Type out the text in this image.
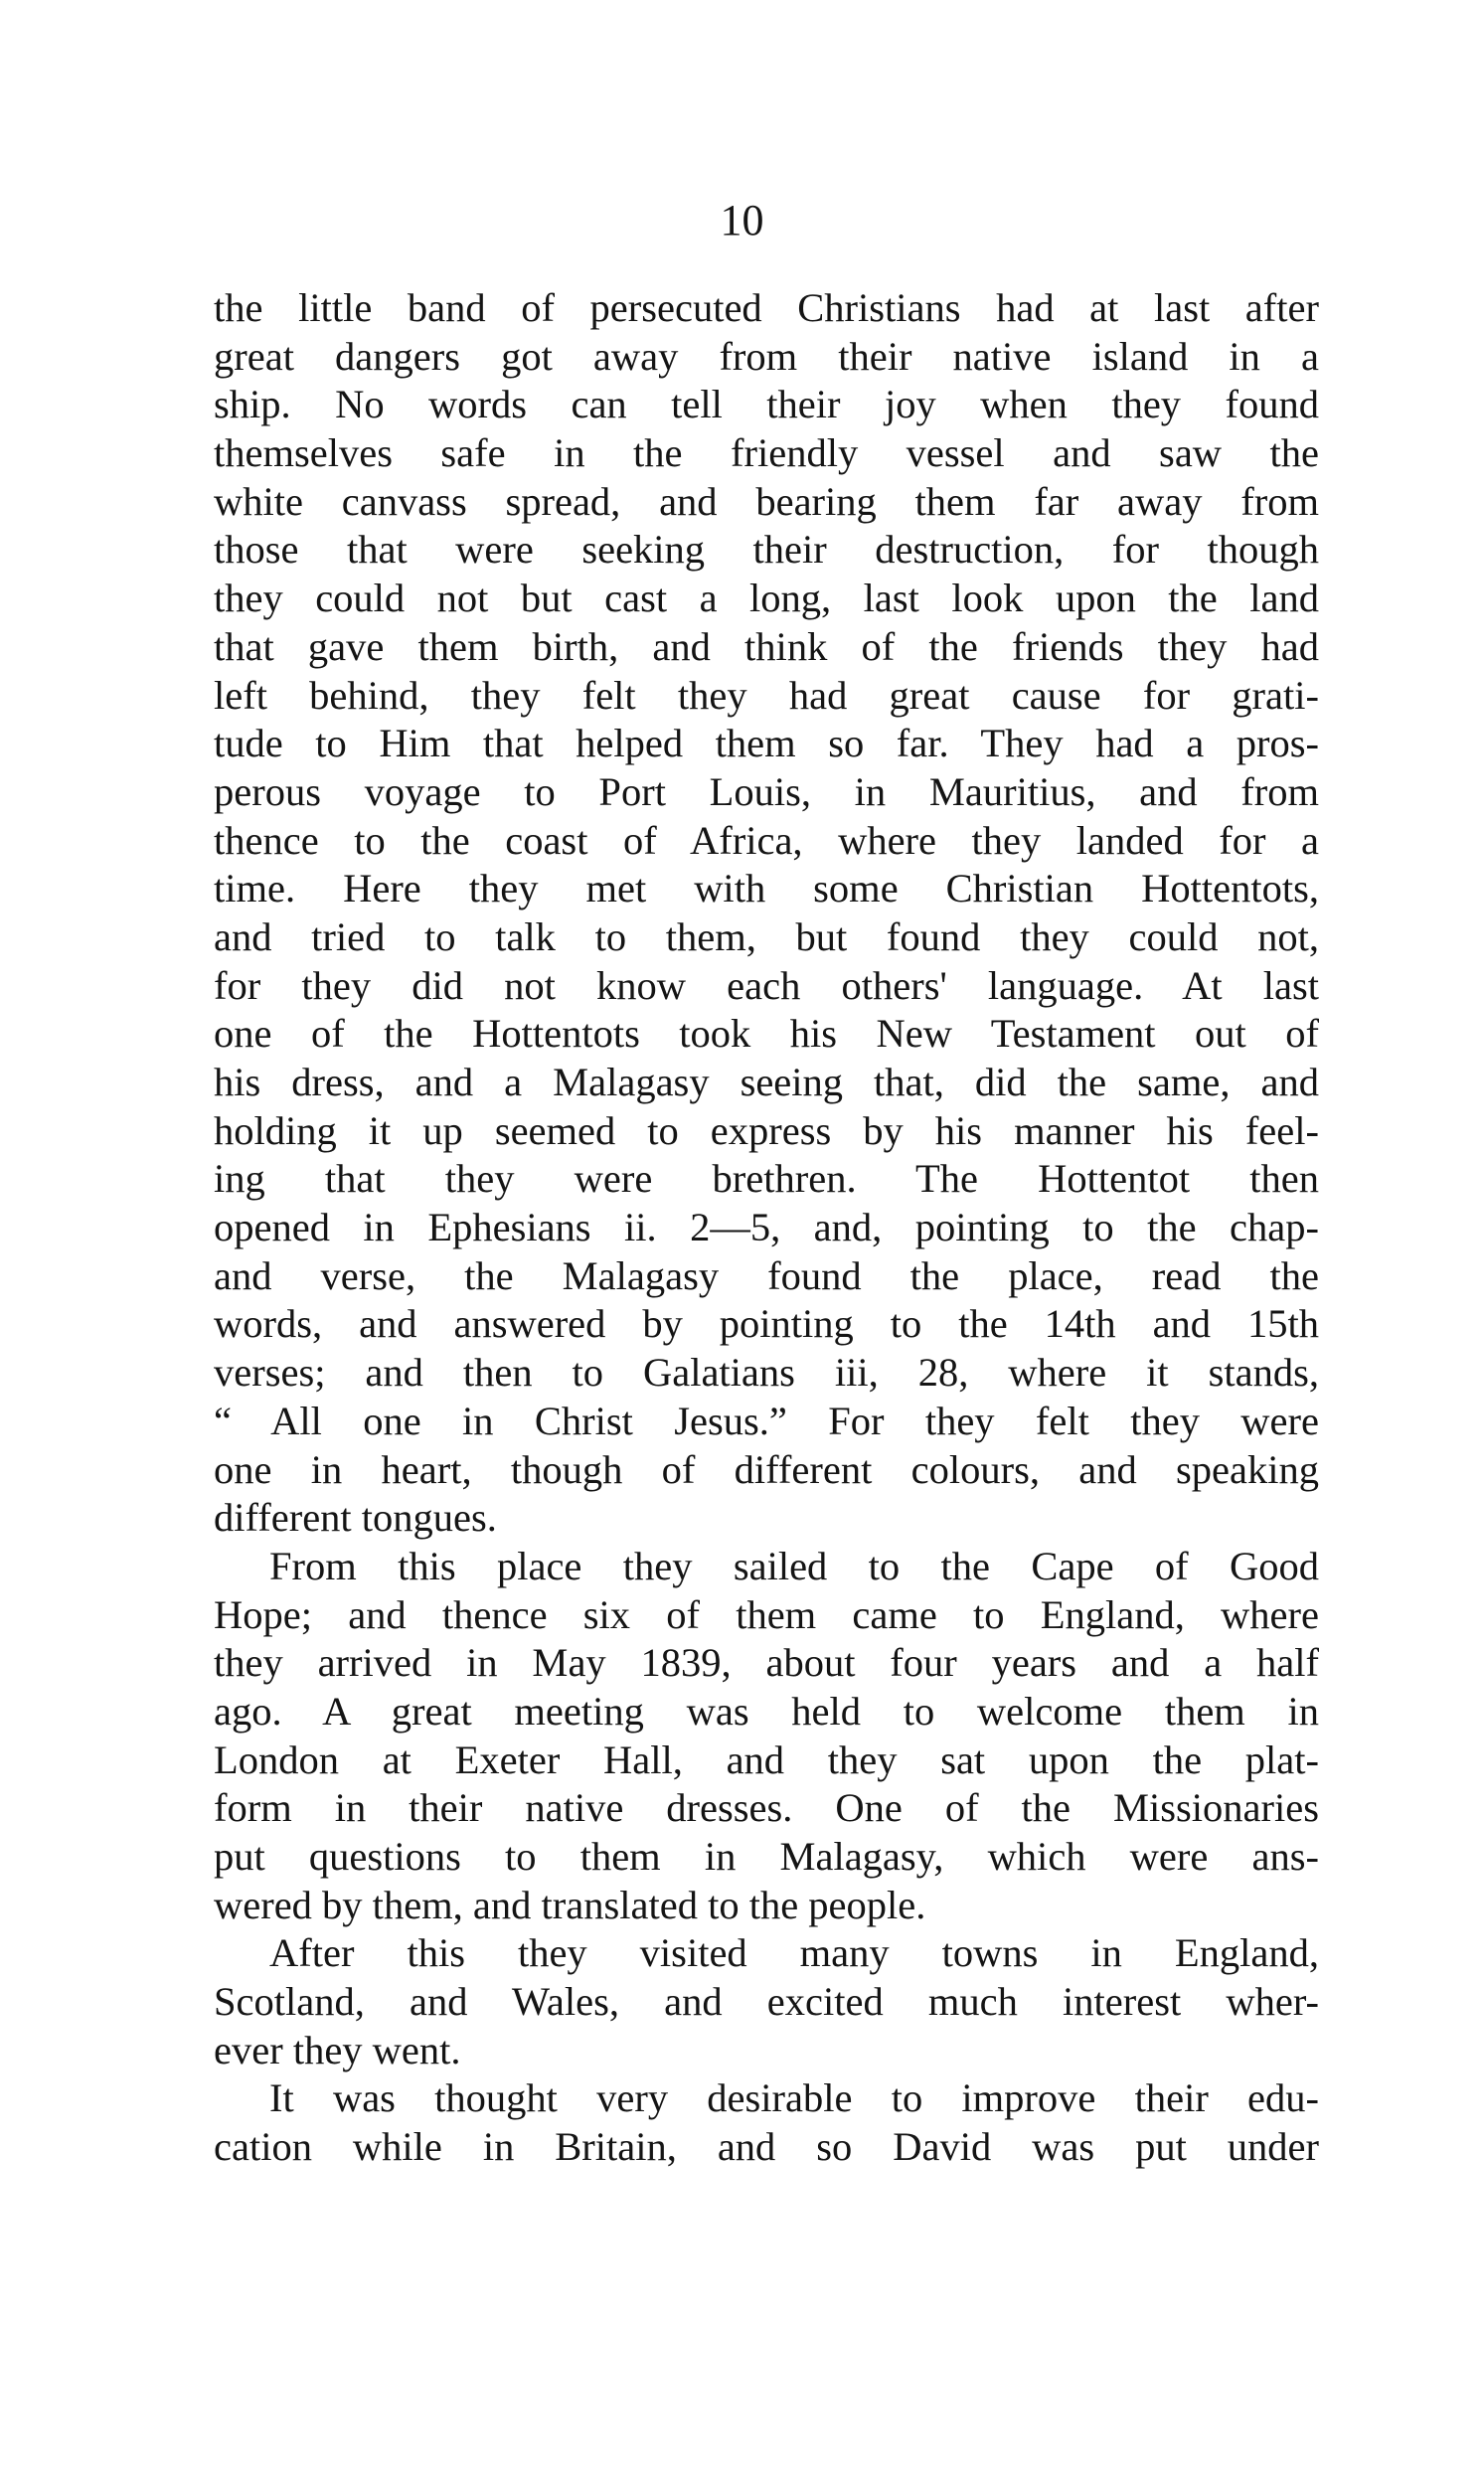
10
the little band of persecuted Christians had at last after
great dangers got away from their native island in a
ship. No words can tell their joy when they found
themselves safe in the friendly vessel and saw the
white canvass spread, and bearing them far away from
those that were seeking their destruction, for though
they could not but cast a long, last look upon the land
that gave them birth, and think of the friends they had
left behind, they felt they had great cause for grati-
tude to Him that helped them so far. They had a pros-
perous voyage to Port Louis, in Mauritius, and from
thence to the coast of Africa, where they landed for a
time. Here they met with some Christian Hottentots,
and tried to talk to them, but found they could not,
for they did not know each others' language. At last
one of the Hottentots took his New Testament out of
his dress, and a Malagasy seeing that, did the same, and
holding it up seemed to express by his manner his feel-
ing that they were brethren. The Hottentot then
opened in Ephesians ii. 2—5, and, pointing to the chap-
and verse, the Malagasy found the place, read the
words, and answered by pointing to the 14th and 15th
verses; and then to Galatians iii, 28, where it stands,
“ All one in Christ Jesus.” For they felt they were
one in heart, though of different colours, and speaking
different tongues.
From this place they sailed to the Cape of Good
Hope; and thence six of them came to England, where
they arrived in May 1839, about four years and a half
ago. A great meeting was held to welcome them in
London at Exeter Hall, and they sat upon the plat-
form in their native dresses. One of the Missionaries
put questions to them in Malagasy, which were ans-
wered by them, and translated to the people.
After this they visited many towns in England,
Scotland, and Wales, and excited much interest wher-
ever they went.
It was thought very desirable to improve their edu-
cation while in Britain, and so David was put under
